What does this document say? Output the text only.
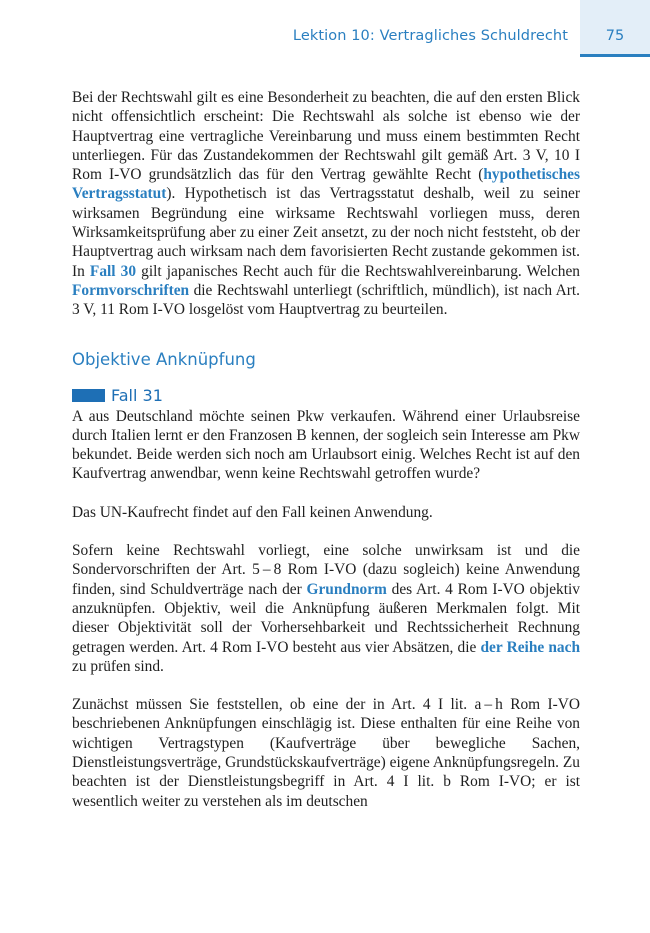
Lektion 10: Vertragliches Schuldrecht	75

Bei der Rechtswahl gilt es eine Besonderheit zu beachten, die auf den ersten Blick nicht offensichtlich erscheint: Die Rechtswahl als solche ist ebenso wie der Hauptvertrag eine vertragliche Vereinbarung und muss einem bestimmten Recht unterliegen. Für das Zustandekommen der Rechtswahl gilt gemäß Art. 3 V, 10 I Rom I-VO grundsätzlich das für den Vertrag gewählte Recht (hypothetisches Vertragsstatut). Hypothetisch ist das Vertragsstatut deshalb, weil zu seiner wirksamen Begründung eine wirksame Rechtswahl vorliegen muss, deren Wirksamkeitsprüfung aber zu einer Zeit ansetzt, zu der noch nicht feststeht, ob der Hauptvertrag auch wirksam nach dem favorisierten Recht zustande gekommen ist. In Fall 30 gilt japanisches Recht auch für die Rechtswahlvereinbarung. Welchen Formvorschriften die Rechtswahl unterliegt (schriftlich, mündlich), ist nach Art. 3 V, 11 Rom I-VO losgelöst vom Hauptvertrag zu beurteilen.

Objektive Anknüpfung
Fall 31

A aus Deutschland möchte seinen Pkw verkaufen. Während einer Urlaubsreise durch Italien lernt er den Franzosen B kennen, der sogleich sein Interesse am Pkw bekundet. Beide werden sich noch am Urlaubsort einig. Welches Recht ist auf den Kaufvertrag anwendbar, wenn keine Rechtswahl getroffen wurde?

Das UN-Kaufrecht findet auf den Fall keinen Anwendung.

Sofern keine Rechtswahl vorliegt, eine solche unwirksam ist und die Sondervorschriften der Art. 5 – 8 Rom I-VO (dazu sogleich) keine Anwendung finden, sind Schuldverträge nach der Grundnorm des Art. 4 Rom I-VO objektiv anzuknüpfen. Objektiv, weil die Anknüpfung äußeren Merkmalen folgt. Mit dieser Objektivität soll der Vorhersehbarkeit und Rechtssicherheit Rechnung getragen werden. Art. 4 Rom I-VO besteht aus vier Absätzen, die der Reihe nach zu prüfen sind.

Zunächst müssen Sie feststellen, ob eine der in Art. 4 I lit. a – h Rom I-VO beschriebenen Anknüpfungen einschlägig ist. Diese enthalten für eine Reihe von wichtigen Vertragstypen (Kaufverträge über bewegliche Sachen, Dienstleistungsverträge, Grundstückskaufverträge) eigene Anknüpfungsregeln. Zu beachten ist der Dienstleistungsbegriff in Art. 4 I lit. b Rom I-VO; er ist wesentlich weiter zu verstehen als im deutschen
